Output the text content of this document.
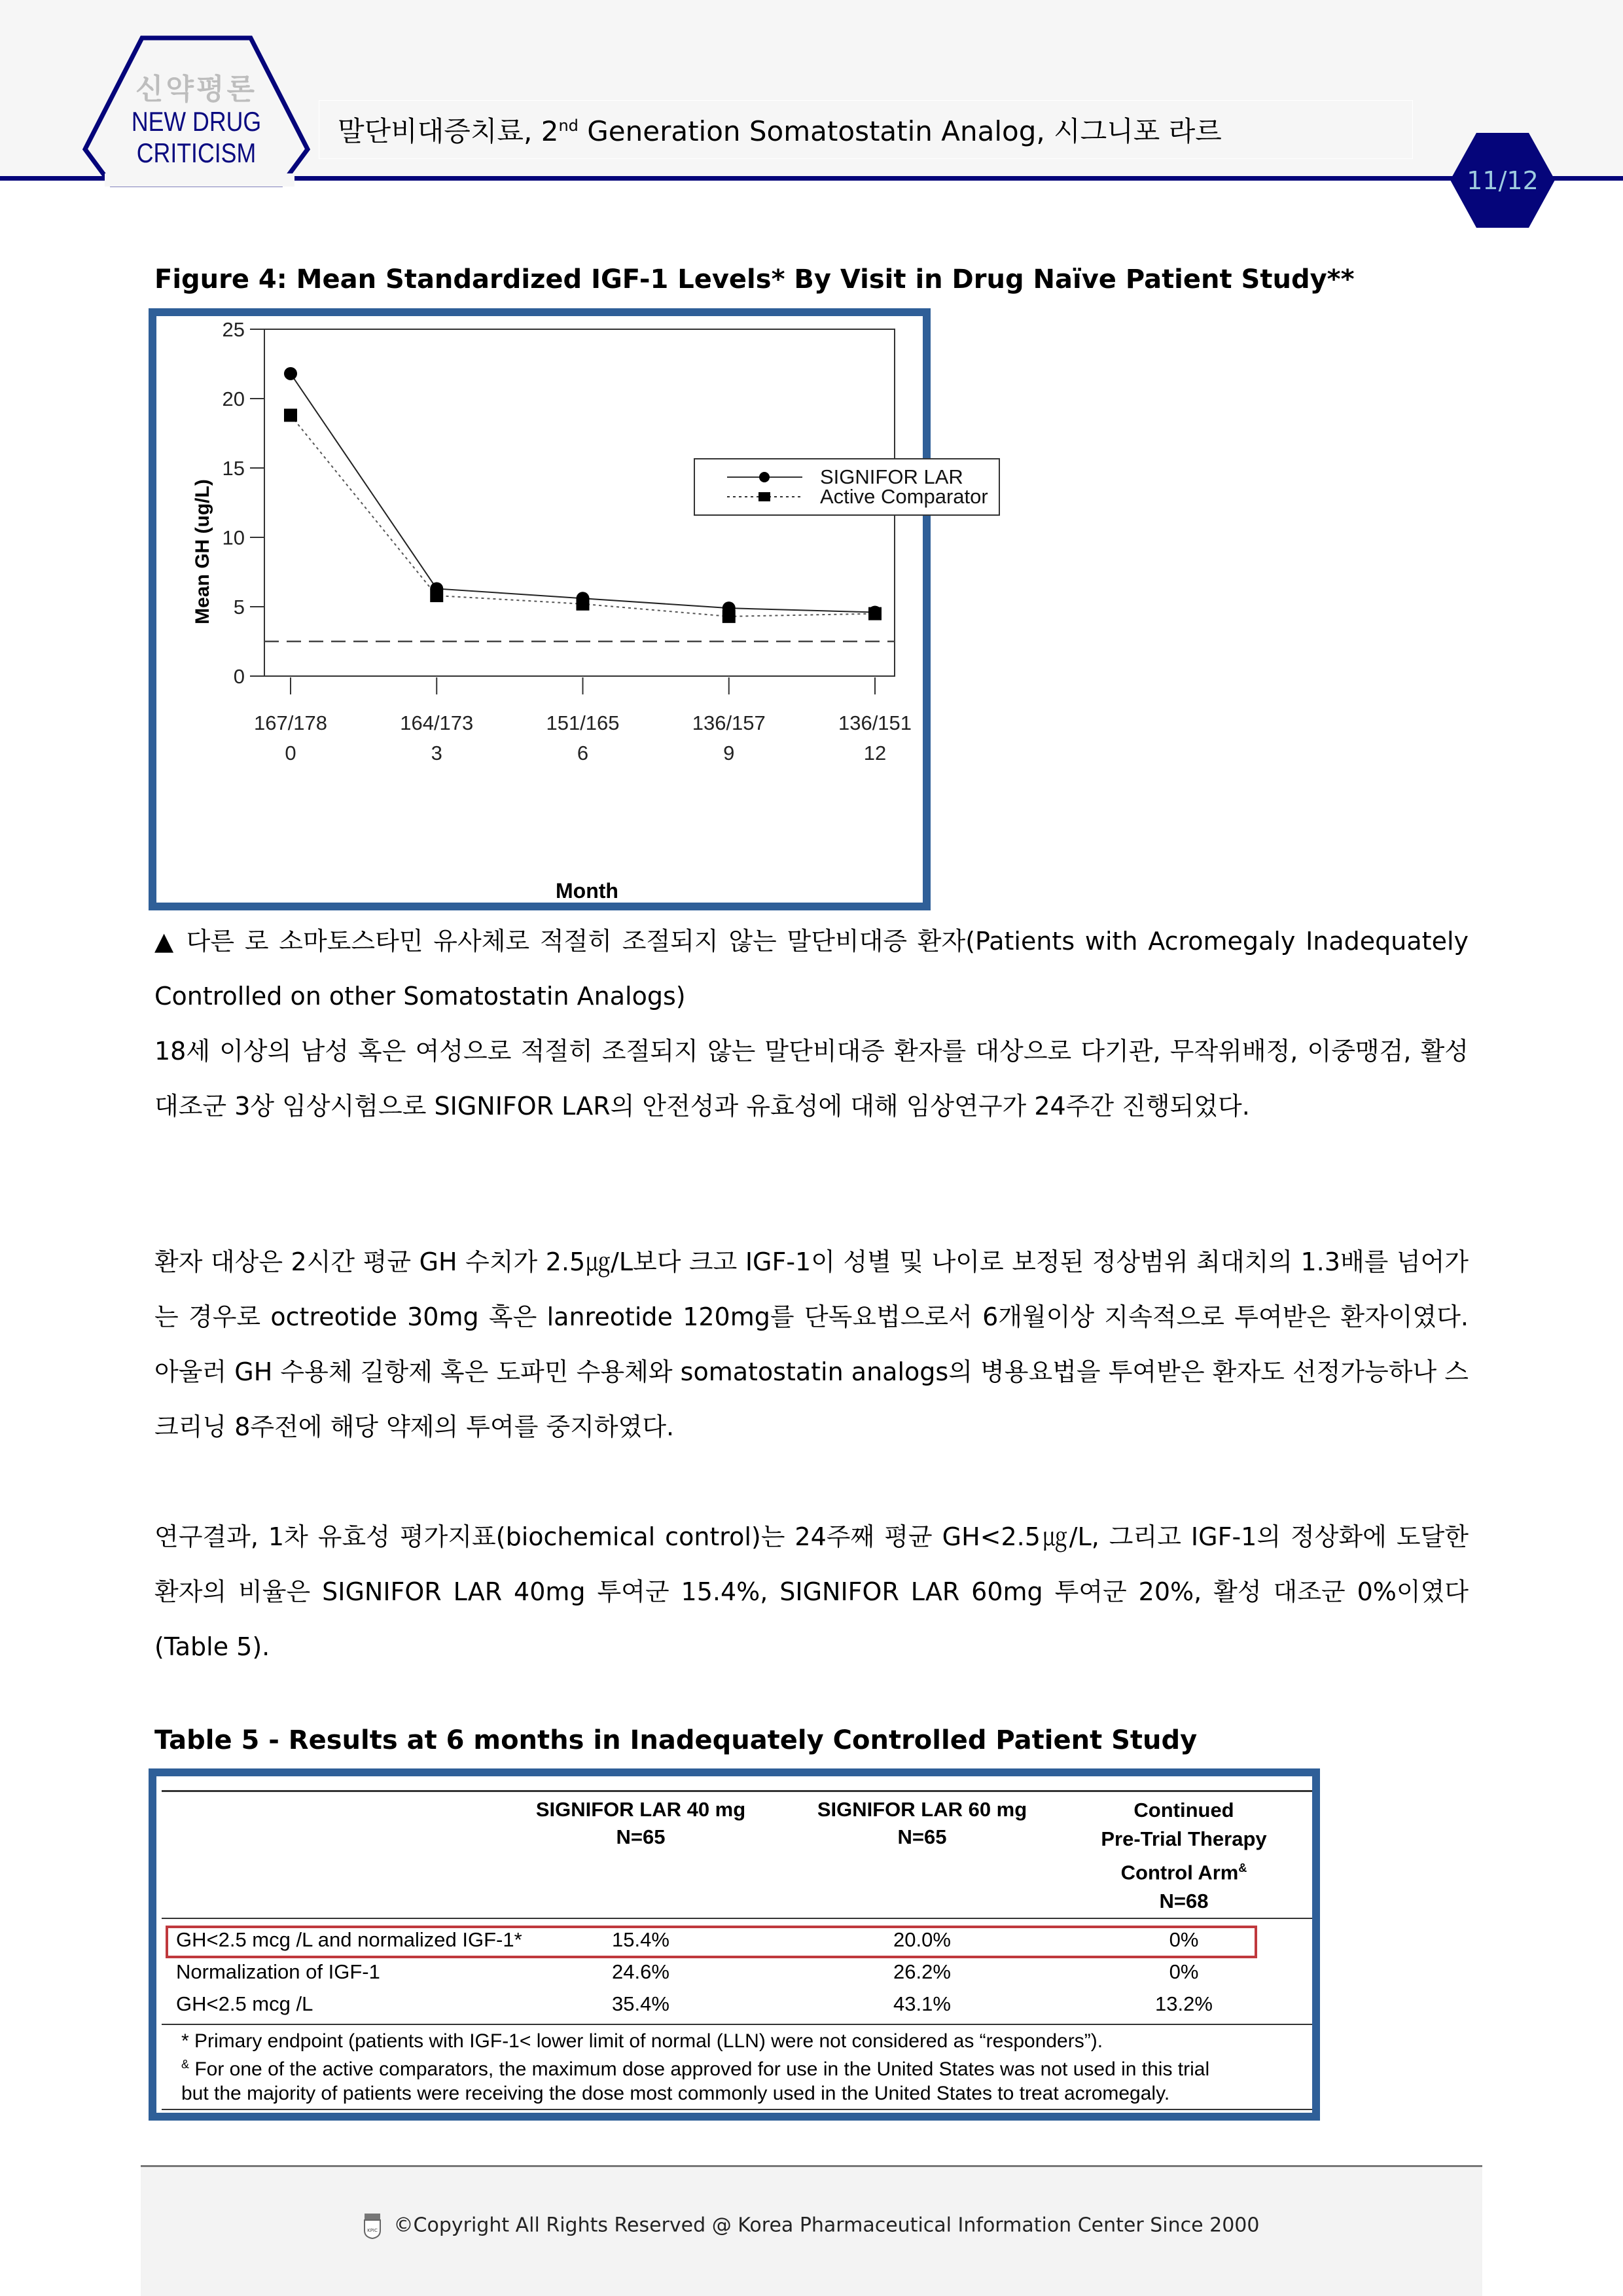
신약평론
NEW DRUG
CRITICISM
말단비대증치료, 2nd Generation Somatostatin Analog, 시그니포 라르
11/12
Figure 4: Mean Standardized IGF-1 Levels* By Visit in Drug Naïve Patient Study**
0
5
10
15
20
25
167/178
0
164/173
3
151/165
6
136/157
9
136/151
12
SIGNIFOR LAR
Active Comparator
Mean GH (ug/L)
Month
▲ 다른 로 소마토스타민 유사체로 적절히 조절되지 않는 말단비대증 환자(Patients with Acromegaly Inadequately Controlled on other Somatostatin Analogs)
18세 이상의 남성 혹은 여성으로 적절히 조절되지 않는 말단비대증 환자를 대상으로 다기관, 무작위배정, 이중맹검, 활성 대조군 3상 임상시험으로 SIGNIFOR LAR의 안전성과 유효성에 대해 임상연구가 24주간 진행되었다.
환자 대상은 2시간 평균 GH 수치가 2.5㎍/L보다 크고 IGF-1이 성별 및 나이로 보정된 정상범위 최대치의 1.3배를 넘어가는 경우로 octreotide 30mg 혹은 lanreotide 120mg를 단독요법으로서 6개월이상 지속적으로 투여받은 환자이였다. 아울러 GH 수용체 길항제 혹은 도파민 수용체와 somatostatin analogs의 병용요법을 투여받은 환자도 선정가능하나 스크리닝 8주전에 해당 약제의 투여를 중지하였다.
연구결과, 1차 유효성 평가지표(biochemical control)는 24주째 평균 GH<2.5㎍/L, 그리고 IGF-1의 정상화에 도달한 환자의 비율은 SIGNIFOR LAR 40mg 투여군 15.4%, SIGNIFOR LAR 60mg 투여군 20%, 활성 대조군 0%이였다(Table 5).
Table 5 - Results at 6 months in Inadequately Controlled Patient Study
SIGNIFOR LAR 40 mg
N=65
SIGNIFOR LAR 60 mg
N=65
Continued
Pre-Trial Therapy
Control Arm&
N=68
GH<2.5 mcg /L and normalized IGF-1*	15.4%	20.0%	0%
Normalization of IGF-1	24.6%	26.2%	0%
GH<2.5 mcg /L	35.4%	43.1%	13.2%
* Primary endpoint (patients with IGF-1< lower limit of normal (LLN) were not considered as “responders”).
& For one of the active comparators, the maximum dose approved for use in the United States was not used in this trial
but the majority of patients were receiving the dose most commonly used in the United States to treat acromegaly.
KPIC ©Copyright All Rights Reserved @ Korea Pharmaceutical Information Center Since 2000
